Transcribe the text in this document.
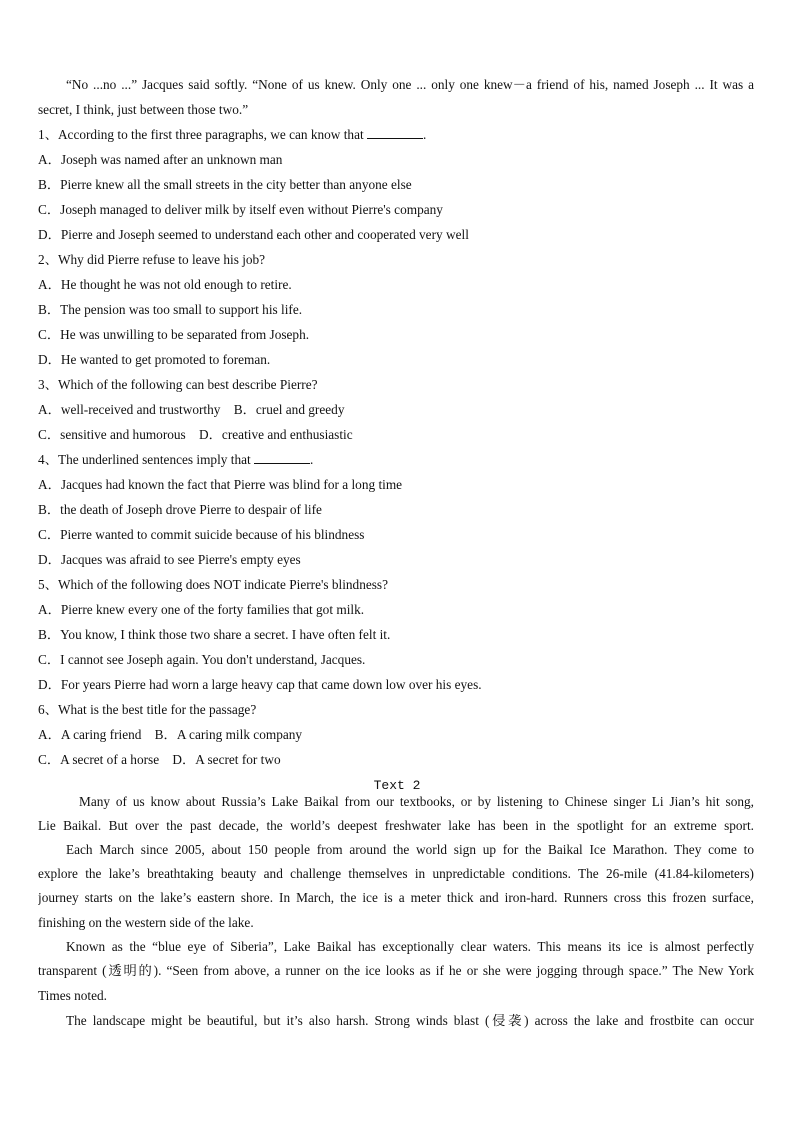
“No ...no ...” Jacques said softly. “None of us knew. Only one ... only one knew－a friend of his, named Joseph ... It was a
secret, I think, just between those two.”
1、According to the first three paragraphs, we can know that	.
A．Joseph was named after an unknown man
B．Pierre knew all the small streets in the city better than anyone else
C．Joseph managed to deliver milk by itself even without Pierre's company
D．Pierre and Joseph seemed to understand each other and cooperated very well
2、Why did Pierre refuse to leave his job?
A．He thought he was not old enough to retire.
B．The pension was too small to support his life.
C．He was unwilling to be separated from Joseph.
D．He wanted to get promoted to foreman.
3、Which of the following can best describe Pierre?
A．well-received and trustworthy　B．cruel and greedy
C．sensitive and humorous　D．creative and enthusiastic
4、The underlined sentences imply that	.
A．Jacques had known the fact that Pierre was blind for a long time
B．the death of Joseph drove Pierre to despair of life
C．Pierre wanted to commit suicide because of his blindness
D．Jacques was afraid to see Pierre's empty eyes
5、Which of the following does NOT indicate Pierre's blindness?
A．Pierre knew every one of the forty families that got milk.
B．You know, I think those two share a secret. I have often felt it.
C．I cannot see Joseph again. You don't understand, Jacques.
D．For years Pierre had worn a large heavy cap that came down low over his eyes.
6、What is the best title for the passage?
A．A caring friend　B．A caring milk company
C．A secret of a horse　D．A secret for two
Text 2
Many of us know about Russia’s Lake Baikal from our textbooks, or by listening to Chinese singer Li Jian’s hit song,
Lie Baikal. But over the past decade, the world’s deepest freshwater lake has been in the spotlight for an extreme sport.
Each March since 2005, about 150 people from around the world sign up for the Baikal Ice Marathon. They come to
explore the lake’s breathtaking beauty and challenge themselves in unpredictable conditions. The 26-mile (41.84-kilometers)
journey starts on the lake’s eastern shore. In March, the ice is a meter thick and iron-hard. Runners cross this frozen surface,
finishing on the western side of the lake.
Known as the “blue eye of Siberia”, Lake Baikal has exceptionally clear waters. This means its ice is almost perfectly
transparent (透明的). “Seen from above, a runner on the ice looks as if he or she were jogging through space.” The New York
Times noted.
The landscape might be beautiful, but it’s also harsh. Strong winds blast (侵袭) across the lake and frostbite can occur
